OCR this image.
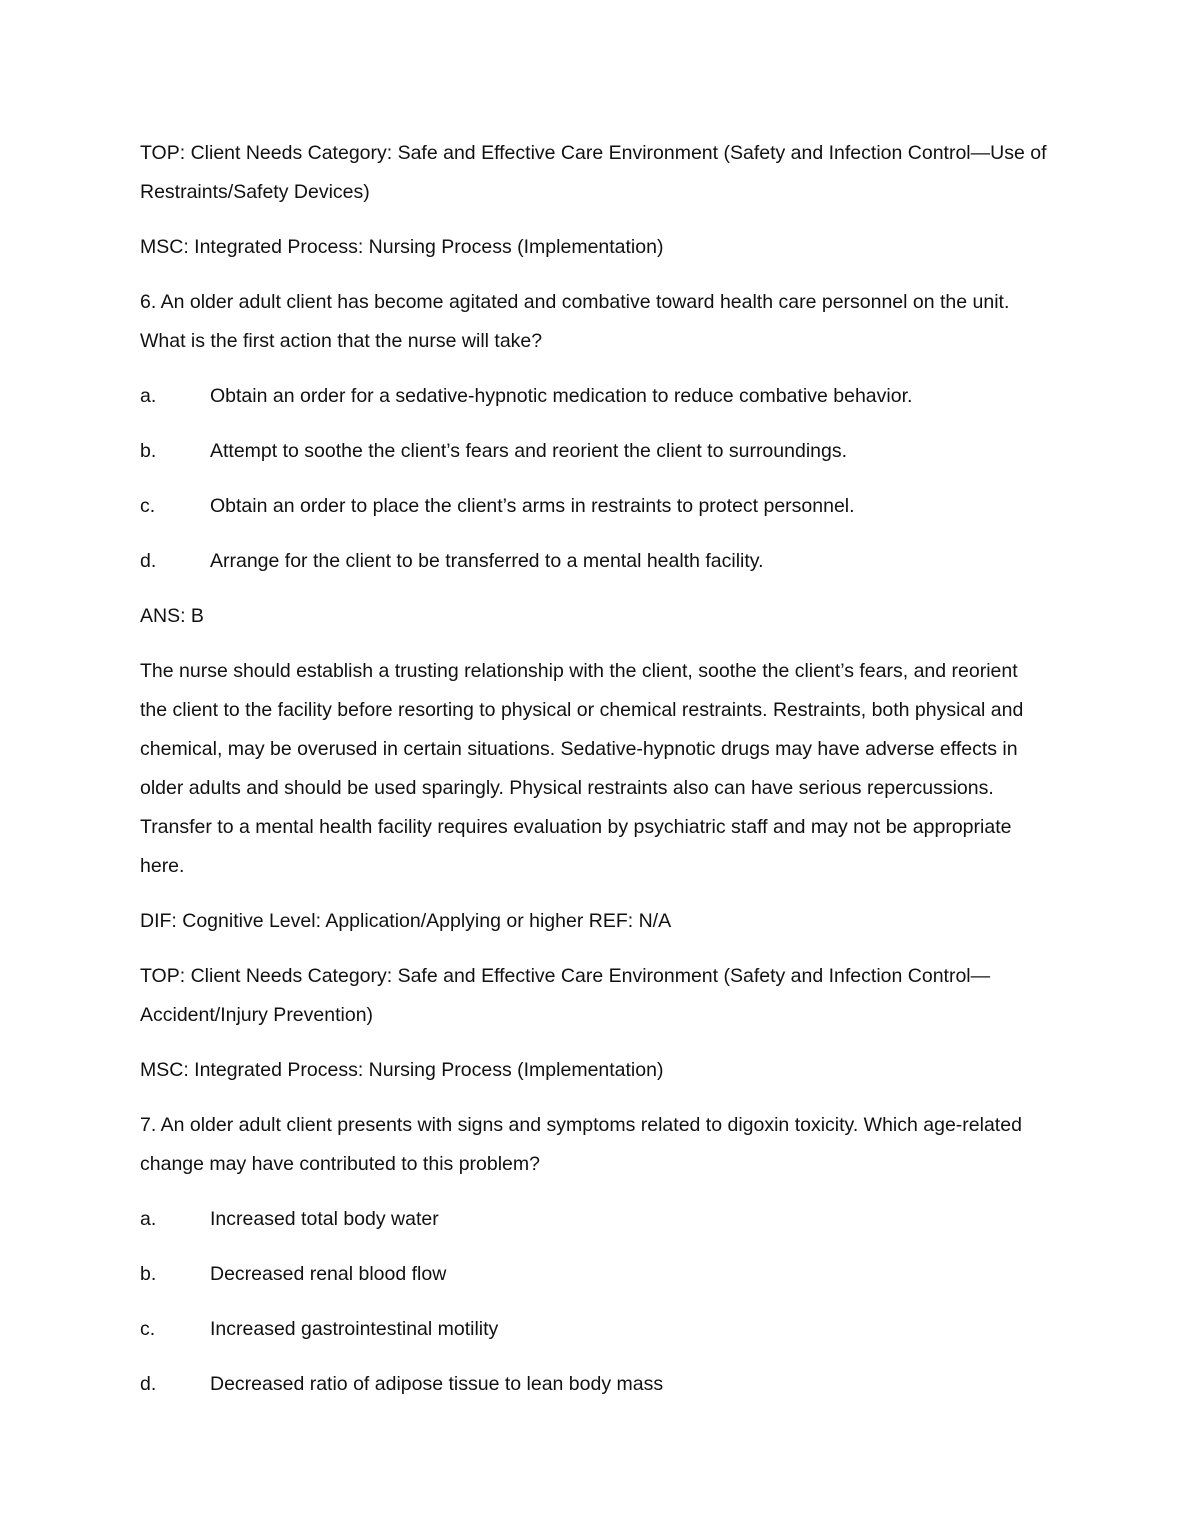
TOP: Client Needs Category: Safe and Effective Care Environment (Safety and Infection Control—Use of Restraints/Safety Devices)

MSC: Integrated Process: Nursing Process (Implementation)

6. An older adult client has become agitated and combative toward health care personnel on the unit. What is the first action that the nurse will take?

a.	Obtain an order for a sedative-hypnotic medication to reduce combative behavior.
b.	Attempt to soothe the client’s fears and reorient the client to surroundings.
c.	Obtain an order to place the client’s arms in restraints to protect personnel.
d.	Arrange for the client to be transferred to a mental health facility.

ANS: B

The nurse should establish a trusting relationship with the client, soothe the client’s fears, and reorient the client to the facility before resorting to physical or chemical restraints. Restraints, both physical and chemical, may be overused in certain situations. Sedative-hypnotic drugs may have adverse effects in older adults and should be used sparingly. Physical restraints also can have serious repercussions. Transfer to a mental health facility requires evaluation by psychiatric staff and may not be appropriate here.

DIF: Cognitive Level: Application/Applying or higher REF: N/A

TOP: Client Needs Category: Safe and Effective Care Environment (Safety and Infection Control— Accident/Injury Prevention)

MSC: Integrated Process: Nursing Process (Implementation)

7. An older adult client presents with signs and symptoms related to digoxin toxicity. Which age-related change may have contributed to this problem?

a.	Increased total body water
b.	Decreased renal blood flow
c.	Increased gastrointestinal motility
d.	Decreased ratio of adipose tissue to lean body mass
